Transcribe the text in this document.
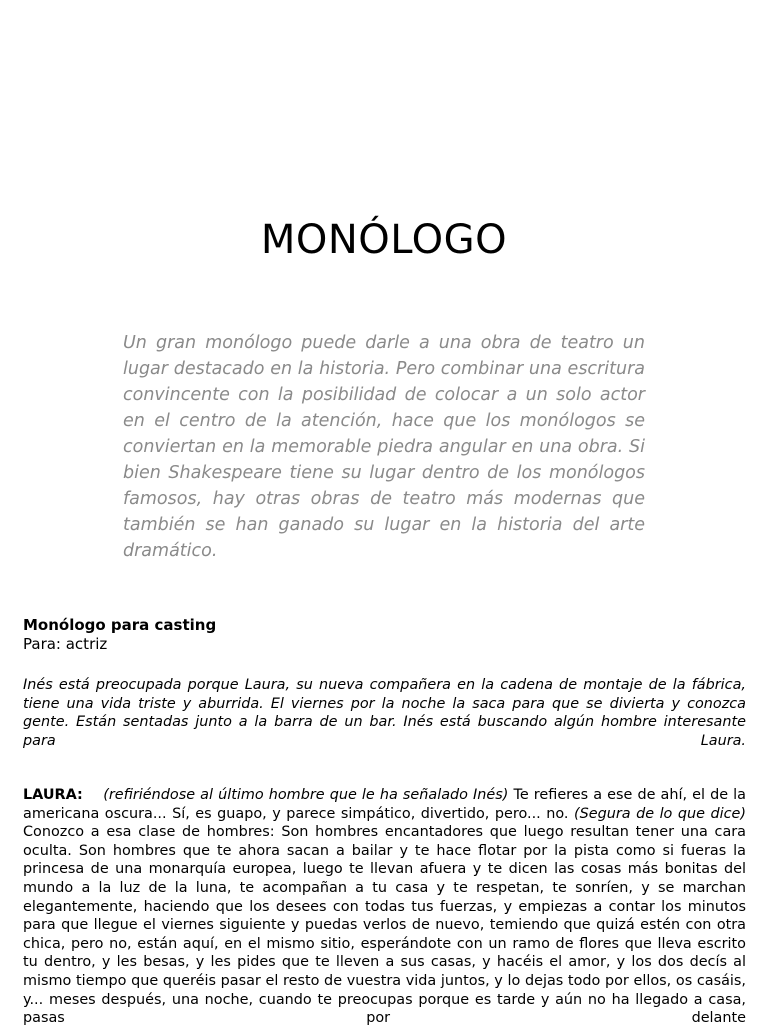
MONÓLOGO

Un gran monólogo puede darle a una obra de teatro un lugar destacado en la historia. Pero combinar una escritura convincente con la posibilidad de colocar a un solo actor en el centro de la atención, hace que los monólogos se conviertan en la memorable piedra angular en una obra. Si bien Shakespeare tiene su lugar dentro de los monólogos famosos, hay otras obras de teatro más modernas que también se han ganado su lugar en la historia del arte dramático.

Monólogo para casting

Para: actriz

Inés está preocupada porque Laura, su nueva compañera en la cadena de montaje de la fábrica, tiene una vida triste y aburrida. El viernes por la noche la saca para que se divierta y conozca gente. Están sentadas junto a la barra de un bar. Inés está buscando algún hombre interesante para Laura.

LAURA: (refiriéndose al último hombre que le ha señalado Inés) Te refieres a ese de ahí, el de la americana oscura... Sí, es guapo, y parece simpático, divertido, pero... no. (Segura de lo que dice) Conozco a esa clase de hombres: Son hombres encantadores que luego resultan tener una cara oculta. Son hombres que te ahora sacan a bailar y te hace flotar por la pista como si fueras la princesa de una monarquía europea, luego te llevan afuera y te dicen las cosas más bonitas del mundo a la luz de la luna, te acompañan a tu casa y te respetan, te sonríen, y se marchan elegantemente, haciendo que los desees con todas tus fuerzas, y empiezas a contar los minutos para que llegue el viernes siguiente y puedas verlos de nuevo, temiendo que quizá estén con otra chica, pero no, están aquí, en el mismo sitio, esperándote con un ramo de flores que lleva escrito tu dentro, y les besas, y les pides que te lleven a sus casas, y hacéis el amor, y los dos decís al mismo tiempo que queréis pasar el resto de vuestra vida juntos, y lo dejas todo por ellos, os casáis, y... meses después, una noche, cuando te preocupas porque es tarde y aún no ha llegado a casa, pasas por delante
